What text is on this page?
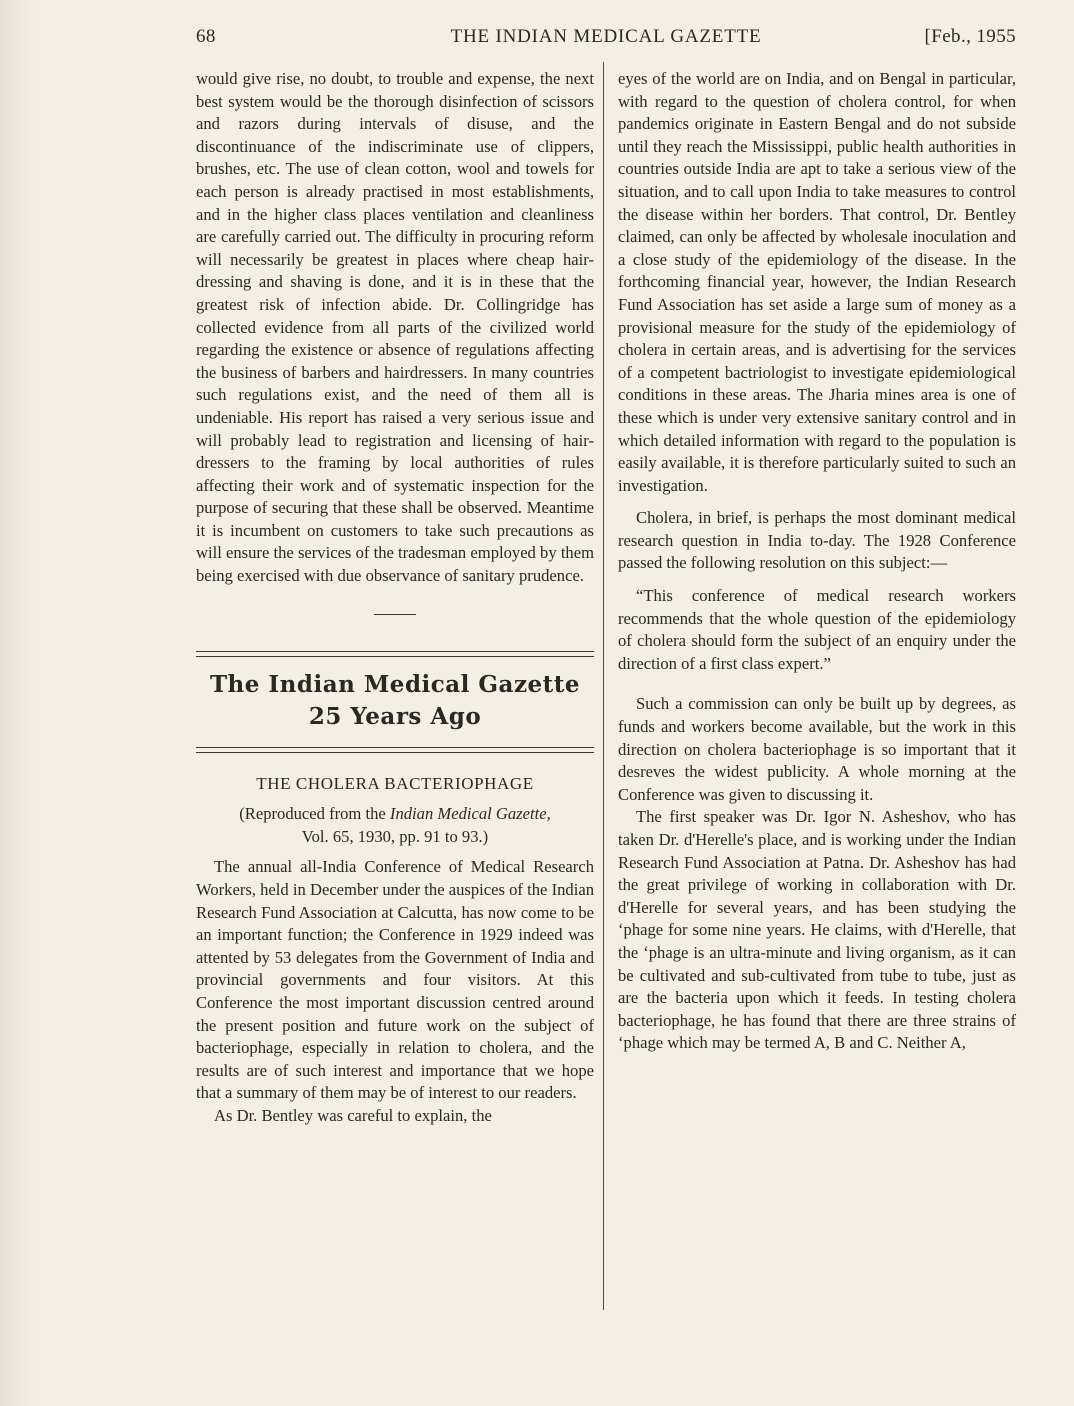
68	THE INDIAN MEDICAL GAZETTE	[Feb., 1955

would give rise, no doubt, to trouble and expense, the next best system would be the thorough disinfection of scissors and razors during intervals of disuse, and the discontinuance of the indiscriminate use of clippers, brushes, etc. The use of clean cotton, wool and towels for each person is already practised in most establishments, and in the higher class places ventilation and cleanliness are carefully carried out. The difficulty in procuring reform will necessarily be greatest in places where cheap hair-dressing and shaving is done, and it is in these that the greatest risk of infection abide. Dr. Collingridge has collected evidence from all parts of the civilized world regarding the existence or absence of regulations affecting the business of barbers and hairdressers. In many countries such regulations exist, and the need of them all is undeniable. His report has raised a very serious issue and will probably lead to registration and licensing of hair-dressers to the framing by local authorities of rules affecting their work and of systematic inspection for the purpose of securing that these shall be observed. Meantime it is incumbent on customers to take such precautions as will ensure the services of the tradesman employed by them being exercised with due observance of sanitary prudence.

The Indian Medical Gazette
25 Years Ago
THE CHOLERA BACTERIOPHAGE
(Reproduced from the Indian Medical Gazette,
Vol. 65, 1930, pp. 91 to 93.)

The annual all-India Conference of Medical Research Workers, held in December under the auspices of the Indian Research Fund Association at Calcutta, has now come to be an important function; the Conference in 1929 indeed was attented by 53 delegates from the Government of India and provincial governments and four visitors. At this Conference the most important discussion centred around the present position and future work on the subject of bacteriophage, especially in relation to cholera, and the results are of such interest and importance that we hope that a summary of them may be of interest to our readers.

As Dr. Bentley was careful to explain, the

eyes of the world are on India, and on Bengal in particular, with regard to the question of cholera control, for when pandemics originate in Eastern Bengal and do not subside until they reach the Mississippi, public health authorities in countries outside India are apt to take a serious view of the situation, and to call upon India to take measures to control the disease within her borders. That control, Dr. Bentley claimed, can only be affected by wholesale inoculation and a close study of the epidemiology of the disease. In the forthcoming financial year, however, the Indian Research Fund Association has set aside a large sum of money as a provisional measure for the study of the epidemiology of cholera in certain areas, and is advertising for the services of a competent bactriologist to investigate epidemiological conditions in these areas. The Jharia mines area is one of these which is under very extensive sanitary control and in which detailed information with regard to the population is easily available, it is therefore particularly suited to such an investigation.

Cholera, in brief, is perhaps the most dominant medical research question in India to-day. The 1928 Conference passed the following resolution on this subject:—

“This conference of medical research workers recommends that the whole question of the epidemiology of cholera should form the subject of an enquiry under the direction of a first class expert.”

Such a commission can only be built up by degrees, as funds and workers become available, but the work in this direction on cholera bacteriophage is so important that it desreves the widest publicity. A whole morning at the Conference was given to discussing it.

The first speaker was Dr. Igor N. Asheshov, who has taken Dr. d'Herelle's place, and is working under the Indian Research Fund Association at Patna. Dr. Asheshov has had the great privilege of working in collaboration with Dr. d'Herelle for several years, and has been studying the ‘phage for some nine years. He claims, with d'Herelle, that the ‘phage is an ultra-minute and living organism, as it can be cultivated and sub-cultivated from tube to tube, just as are the bacteria upon which it feeds. In testing cholera bacteriophage, he has found that there are three strains of ‘phage which may be termed A, B and C. Neither A,
